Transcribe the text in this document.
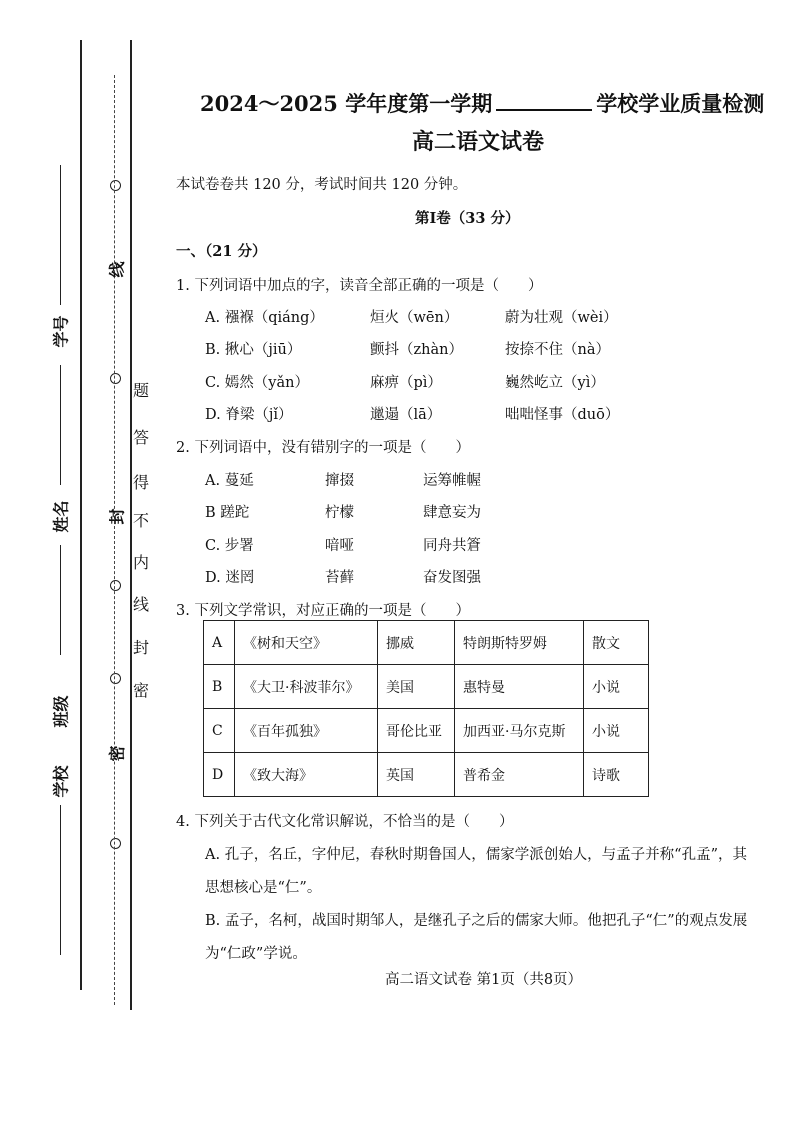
线
封
密
题
答
得
不
内
线
封
密
学号
姓名
班级
学校
2024～2025 学年度第一学期	学校学业质量检测
高二语文试卷
本试卷卷共 120 分，考试时间共 120 分钟。
第Ⅰ卷（33 分）
一、（21 分）
1. 下列词语中加点的字，读音全部正确的一项是（　　）
A. 襁褓（qiáng）	烜火（wēn）	蔚为壮观（wèi）
B. 揪心（jiū）	颤抖（zhàn）	按捺不住（nà）
C. 嫣然（yǎn）	麻痹（pì）	巍然屹立（yì）
D. 脊梁（jǐ）	邋遢（lā）	咄咄怪事（duō）
2. 下列词语中，没有错别字的一项是（　　）
A. 蔓延	撺掇	运筹帷幄
B 蹉跎	柠檬	肆意妄为
C. 步署	喑哑	同舟共篬
D. 迷罔	苔藓	奋发图强
3. 下列文学常识，对应正确的一项是（　　）
A	《树和天空》	挪威	特朗斯特罗姆	散文
B	《大卫·科波菲尔》	美国	惠特曼	小说
C	《百年孤独》	哥伦比亚	加西亚·马尔克斯	小说
D	《致大海》	英国	普希金	诗歌
4. 下列关于古代文化常识解说，不恰当的是（　　）
A. 孔子，名丘，字仲尼，春秋时期鲁国人，儒家学派创始人，与孟子并称“孔孟”，其
思想核心是“仁”。
B. 孟子，名柯，战国时期邹人，是继孔子之后的儒家大师。他把孔子“仁”的观点发展
为“仁政”学说。
高二语文试卷 第1页（共8页）
